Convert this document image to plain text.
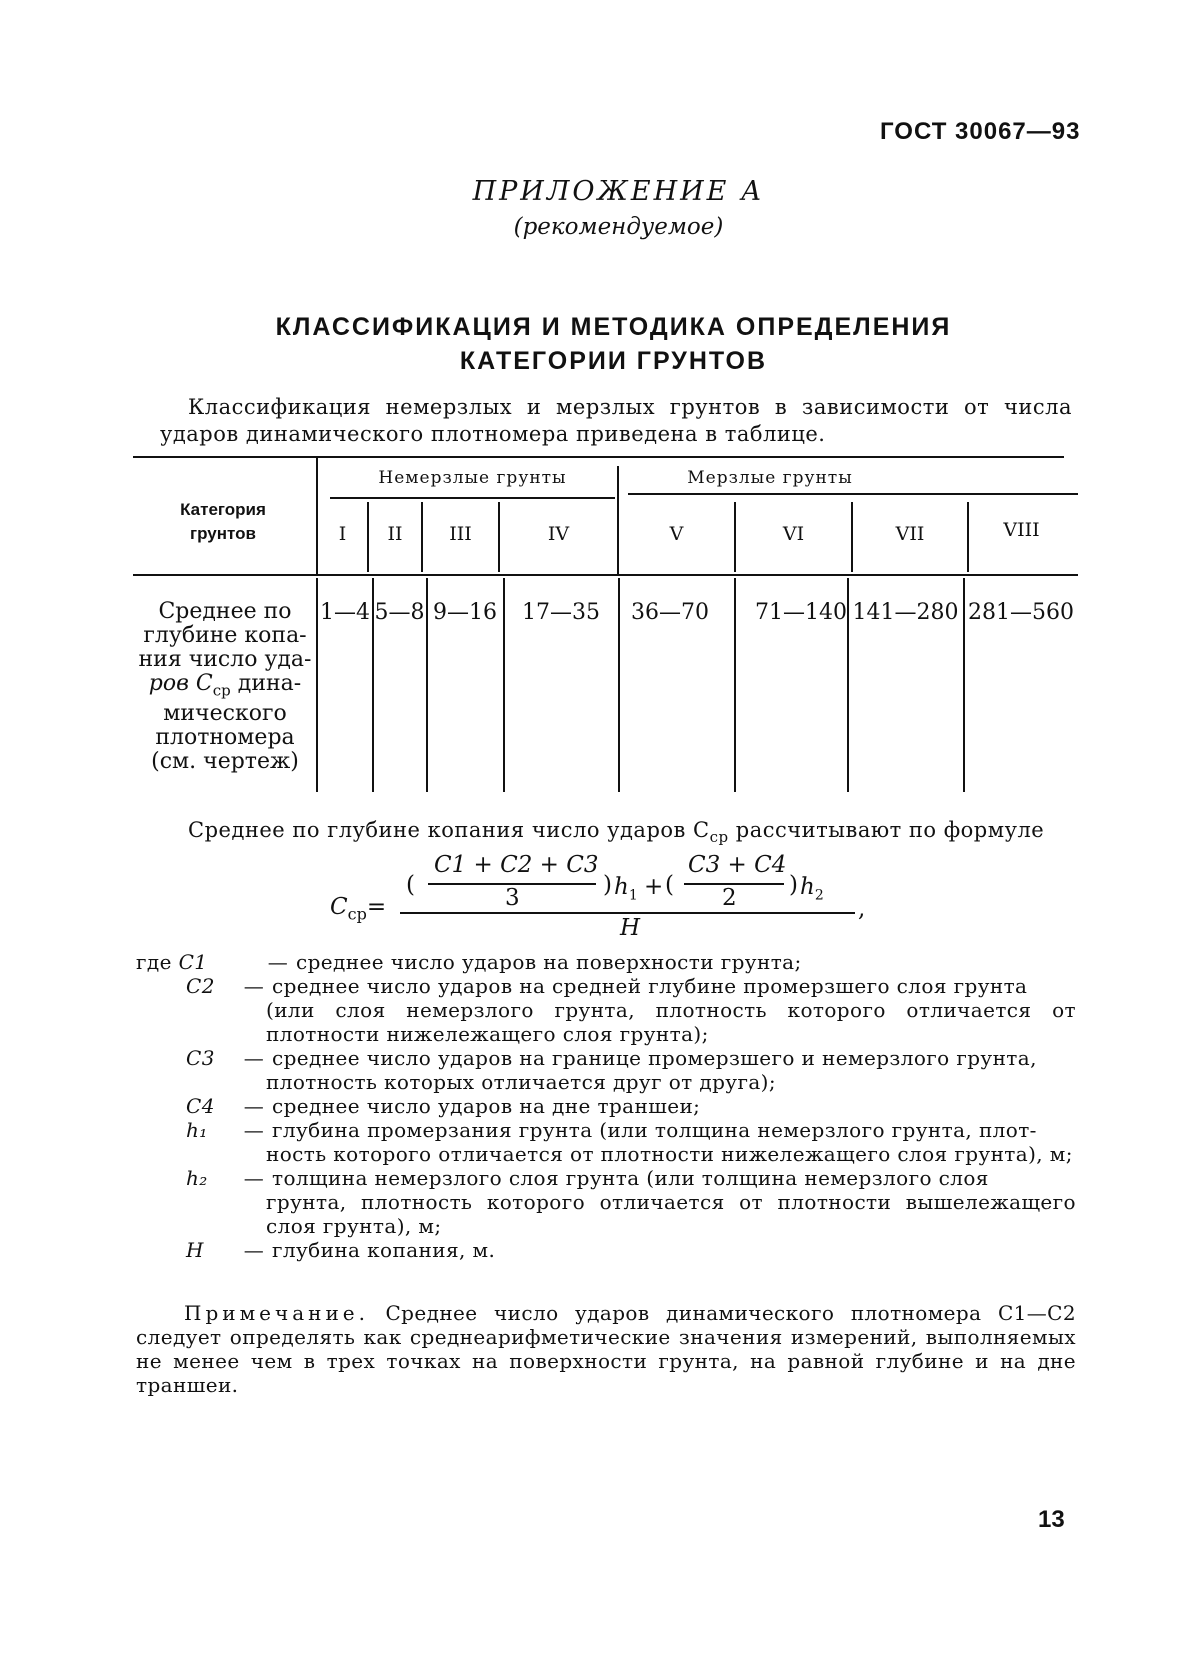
ГОСТ 30067—93
ПРИЛОЖЕНИЕ А
(рекомендуемое)
КЛАССИФИКАЦИЯ И МЕТОДИКА ОПРЕДЕЛЕНИЯ
КАТЕГОРИИ ГРУНТОВ
Классификация немерзлых и мерзлых грунтов в зависимости от числа ударов динамического плотномера приведена в таблице.
Категория грунтов
Немерзлые грунты	Мерзлые грунты
I	II	III	IV	V	VI	VII	VIII
Среднее по
глубине копа-
ния число уда-
ров $C_{ср}$ дина-
мического
плотномера
(см. чертеж)
1—4 5—8 9—16	17—35	36—70	71—140 141—280 281—560
Среднее по глубине копания число ударов $C_{ср}$ рассчитывают по формуле
$C_{ср}=$
H
,
(
C1 + C2 + C3
3	) $h_1$ + (
C3 + C4
2 ) $h_2$
где C1	— среднее число ударов на поверхности грунта;
C2	— среднее число ударов на средней глубине промерзшего слоя грунта
(или слоя немерзлого грунта, плотность которого отличается от плотности нижележащего слоя грунта);
C3	— среднее число ударов на границе промерзшего и немерзлого грунта,
плотность которых отличается друг от друга);
C4	— среднее число ударов на дне траншеи;
h₁	— глубина промерзания грунта (или толщина немерзлого грунта, плот-
ность которого отличается от плотности нижележащего слоя грунта), м;
h₂	— толщина немерзлого слоя грунта (или толщина немерзлого слоя
грунта, плотность которого отличается от плотности вышележащего слоя грунта), м;
H	— глубина копания, м.
Примечание. Среднее число ударов динамического плотномера C1—C2 следует определять как среднеарифметические значения измерений, выполняемых не менее чем в трех точках на поверхности грунта, на равной глубине и на дне траншеи.
13
